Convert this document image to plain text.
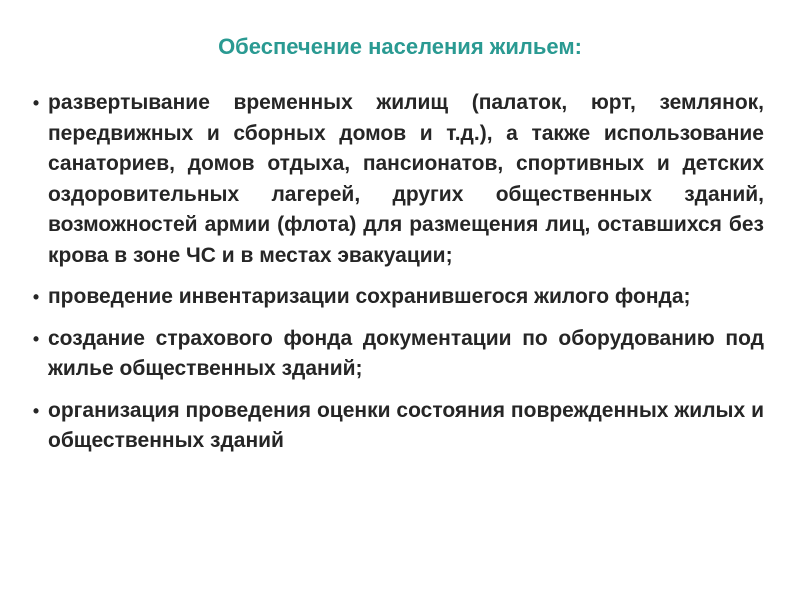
Обеспечение населения жильем:
• развертывание временных жилищ (палаток, юрт, землянок, передвижных и сборных домов и т.д.), а также использование санаториев, домов отдыха, пансионатов, спортивных и детских оздоровительных лагерей, других общественных зданий, возможностей армии (флота) для размещения лиц, оставшихся без крова в зоне ЧС и в местах эвакуации;
• проведение инвентаризации сохранившегося жилого фонда;
• создание страхового фонда документации по оборудованию под жилье общественных зданий;
• организация проведения оценки состояния поврежденных жилых и общественных зданий
